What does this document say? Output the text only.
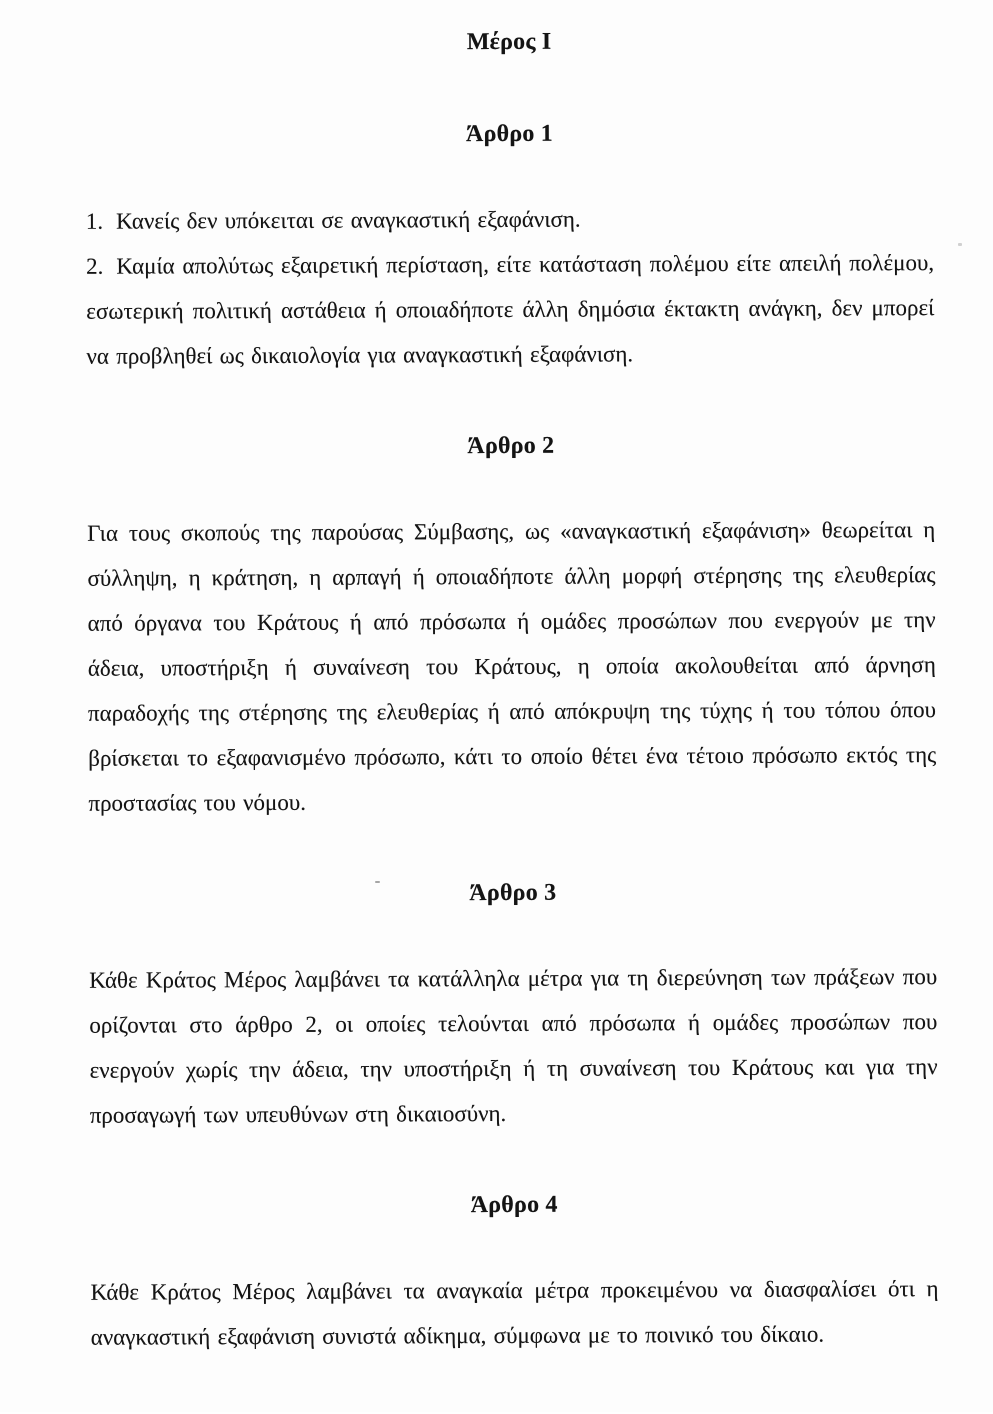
Μέρος Ι
Άρθρο 1

1. Κανείς δεν υπόκειται σε αναγκαστική εξαφάνιση.

2. Καμία απολύτως εξαιρετική περίσταση, είτε κατάσταση πολέμου είτε απειλή πολέμου, εσωτερική πολιτική αστάθεια ή οποιαδήποτε άλλη δημόσια έκτακτη ανάγκη, δεν μπορεί να προβληθεί ως δικαιολογία για αναγκαστική εξαφάνιση.

Άρθρο 2

Για τους σκοπούς της παρούσας Σύμβασης, ως «αναγκαστική εξαφάνιση» θεωρείται η σύλληψη, η κράτηση, η αρπαγή ή οποιαδήποτε άλλη μορφή στέρησης της ελευθερίας από όργανα του Κράτους ή από πρόσωπα ή ομάδες προσώπων που ενεργούν με την άδεια, υποστήριξη ή συναίνεση του Κράτους, η οποία ακολουθείται από άρνηση παραδοχής της στέρησης της ελευθερίας ή από απόκρυψη της τύχης ή του τόπου όπου βρίσκεται το εξαφανισμένο πρόσωπο, κάτι το οποίο θέτει ένα τέτοιο πρόσωπο εκτός της προστασίας του νόμου.

Άρθρο 3

Κάθε Κράτος Μέρος λαμβάνει τα κατάλληλα μέτρα για τη διερεύνηση των πράξεων που ορίζονται στο άρθρο 2, οι οποίες τελούνται από πρόσωπα ή ομάδες προσώπων που ενεργούν χωρίς την άδεια, την υποστήριξη ή τη συναίνεση του Κράτους και για την προσαγωγή των υπευθύνων στη δικαιοσύνη.

Άρθρο 4

Κάθε Κράτος Μέρος λαμβάνει τα αναγκαία μέτρα προκειμένου να διασφαλίσει ότι η αναγκαστική εξαφάνιση συνιστά αδίκημα, σύμφωνα με το ποινικό του δίκαιο.
